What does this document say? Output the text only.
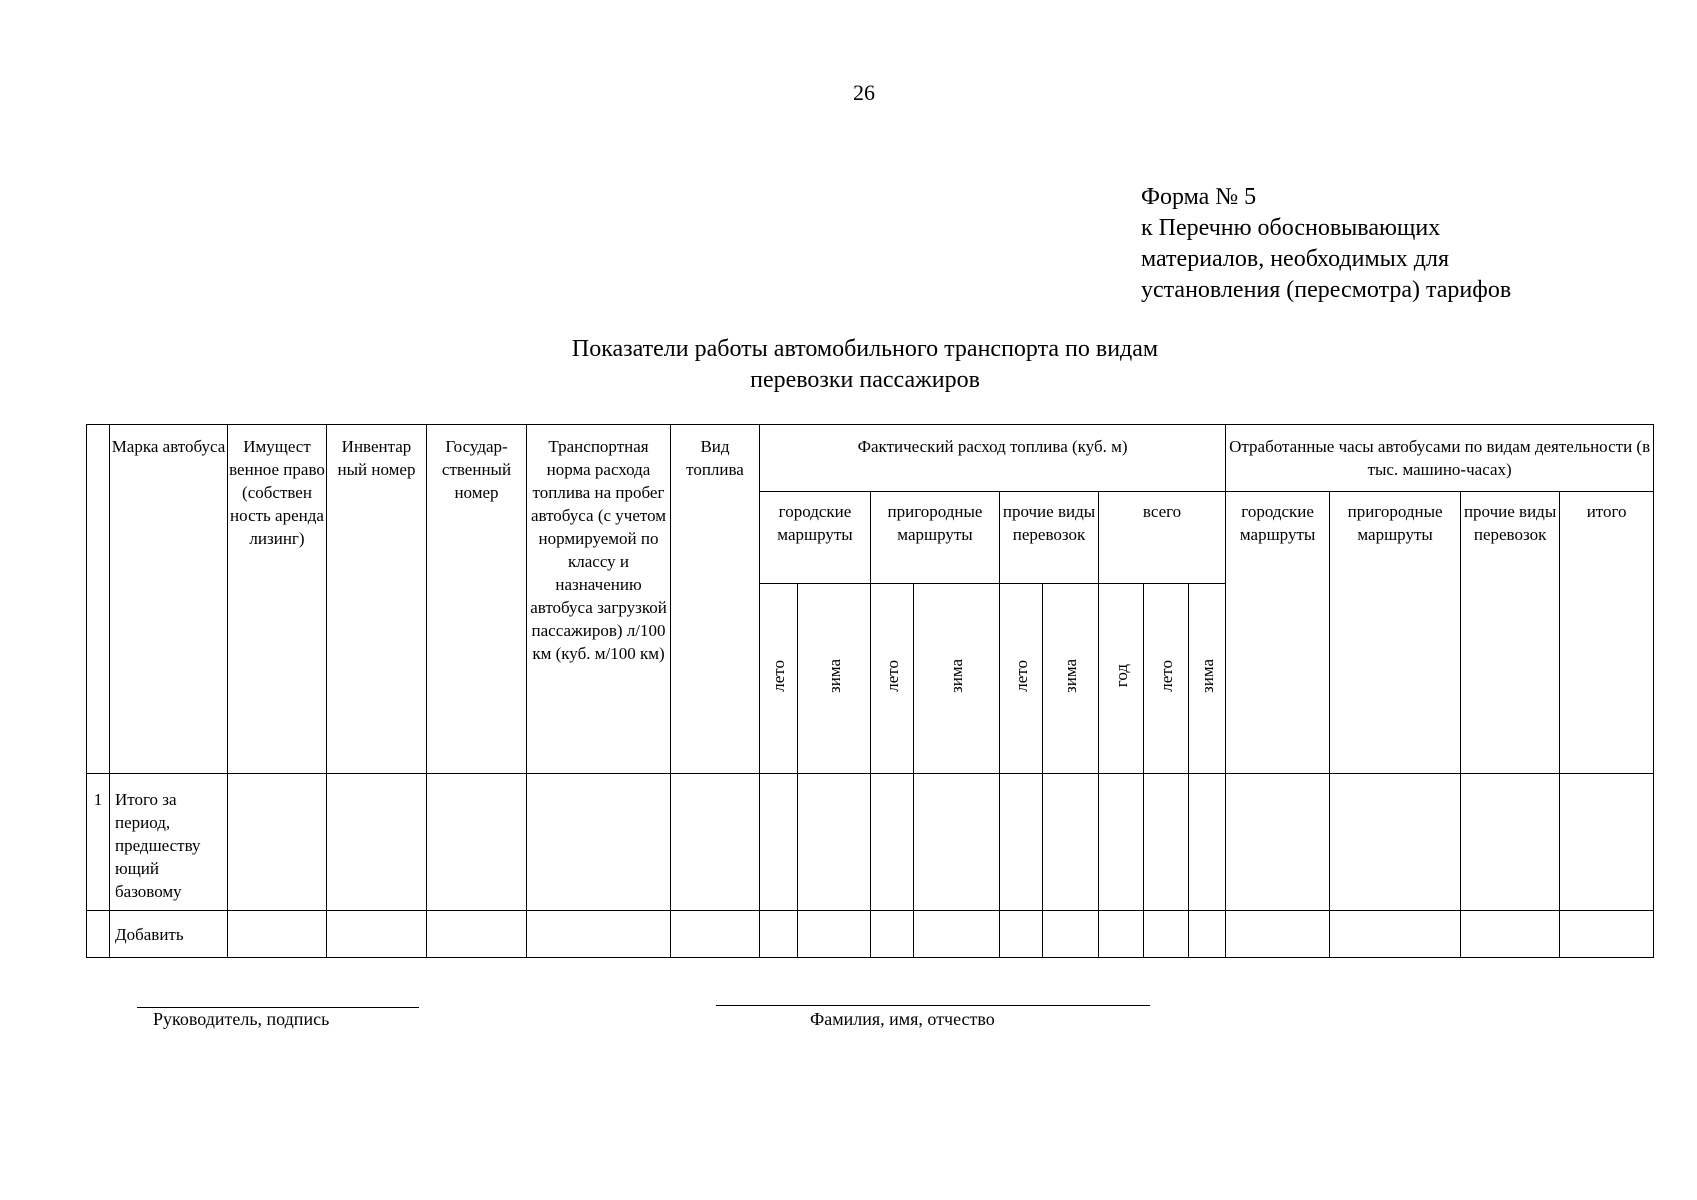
26
Форма № 5
к Перечню обосновывающих
материалов, необходимых для
установления (пересмотра) тарифов
Показатели работы автомобильного транспорта по видам
перевозки пассажиров
	Марка автобуса	Имущест венное право (собствен ность аренда лизинг)	Инвентар ный номер	Государ- ственный номер	Транспортная норма расхода топлива на пробег автобуса (с учетом нормируемой по классу и назначению автобуса загрузкой пассажиров) л/100 км (куб. м/100 км)	Вид топлива	Фактический расход топлива (куб. м)									Отработанные часы автобусами по видам деятельности (в тыс. машино-часах)			
							городские маршруты		пригородные маршруты		прочие виды перевозок		всего			городские маршруты	пригородные маршруты	прочие виды перевозок	итого
							лето	зима	лето	зима	лето	зима	год	лето	зима				
1	Итого за период, предшеству ющий базовому																		
	Добавить																		
Руководитель, подпись	Фамилия, имя, отчество
